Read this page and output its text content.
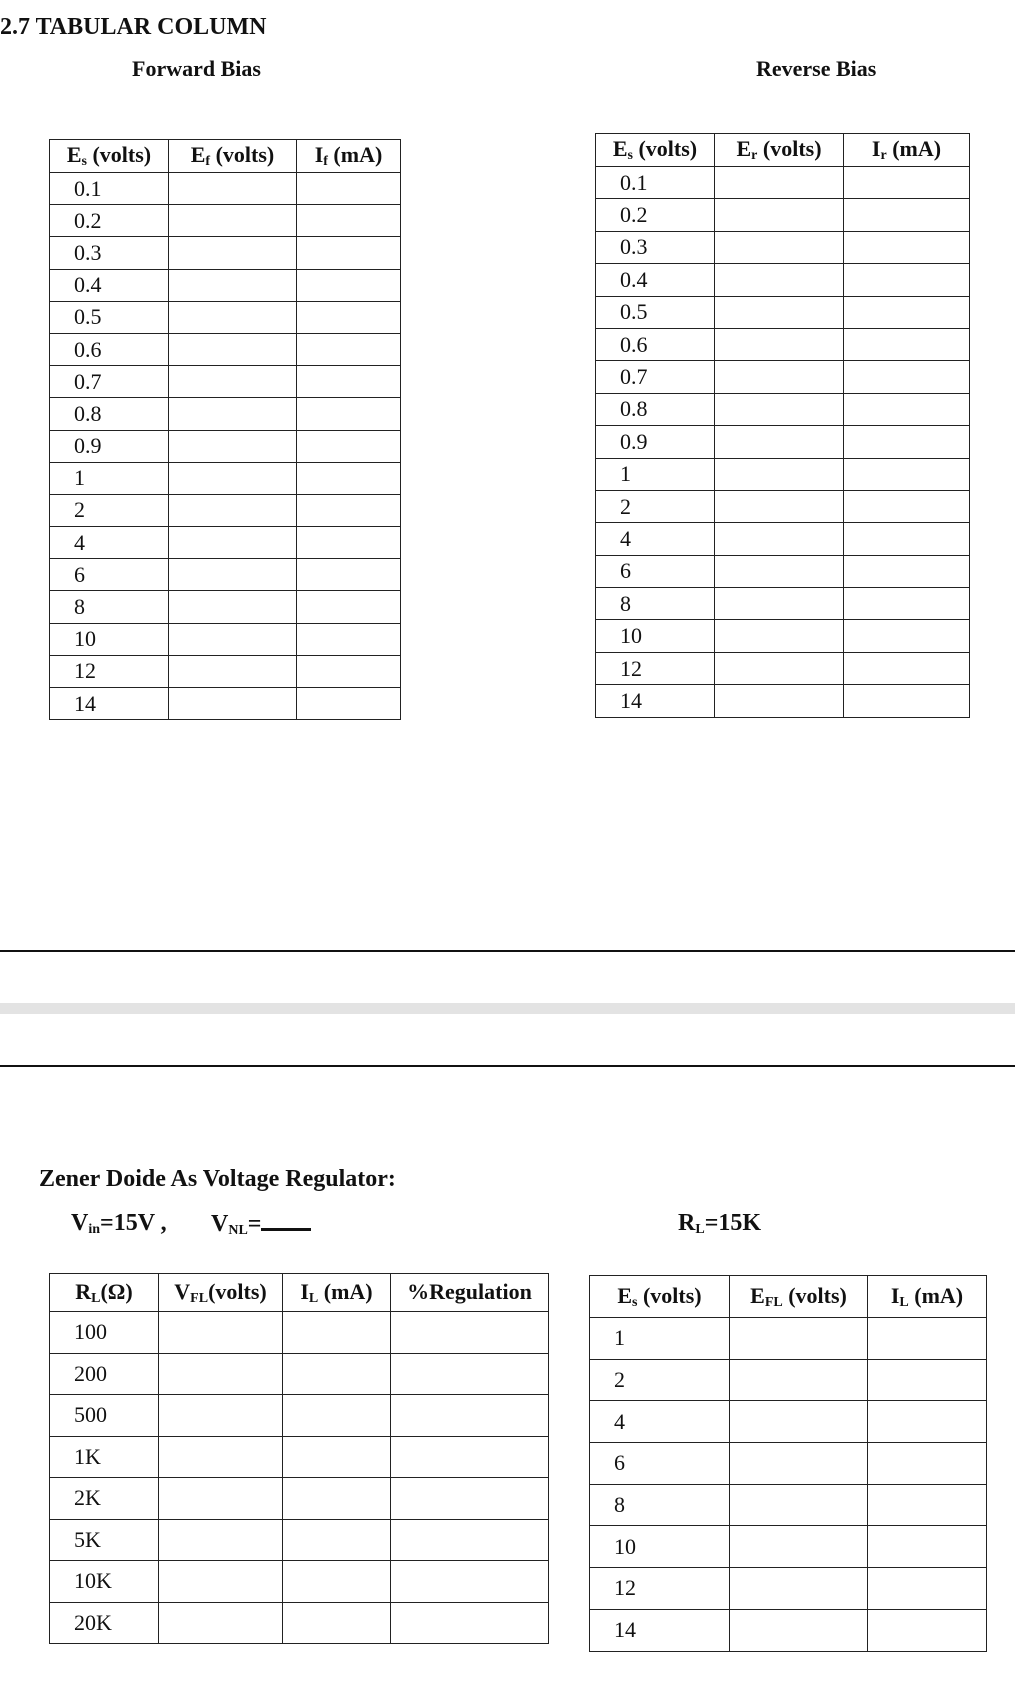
2.7 TABULAR COLUMN
Forward Bias	Reverse Bias
$E_s$ (volts)	$E_f$ (volts)	$I_f$ (mA)
0.1		
0.2		
0.3		
0.4		
0.5		
0.6		
0.7		
0.8		
0.9		
1		
2		
4		
6		
8		
10		
12		
14		
$E_s$ (volts)	$E_r$ (volts)	$I_r$ (mA)
0.1		
0.2		
0.3		
0.4		
0.5		
0.6		
0.7		
0.8		
0.9		
1		
2		
4		
6		
8		
10		
12		
14		
Zener Doide As Voltage Regulator:
$V_{in}=15V$ , $V_{NL}=$	$R_L=15K$
$R_L(\Omega)$	$V_{FL}(volts)$	$I_L$ (mA)	%Regulation
100			
200			
500			
1K			
2K			
5K			
10K			
20K			
$E_s$ (volts)	$E_{FL}$ (volts)	$I_L$ (mA)
1		
2		
4		
6		
8		
10		
12		
14		
